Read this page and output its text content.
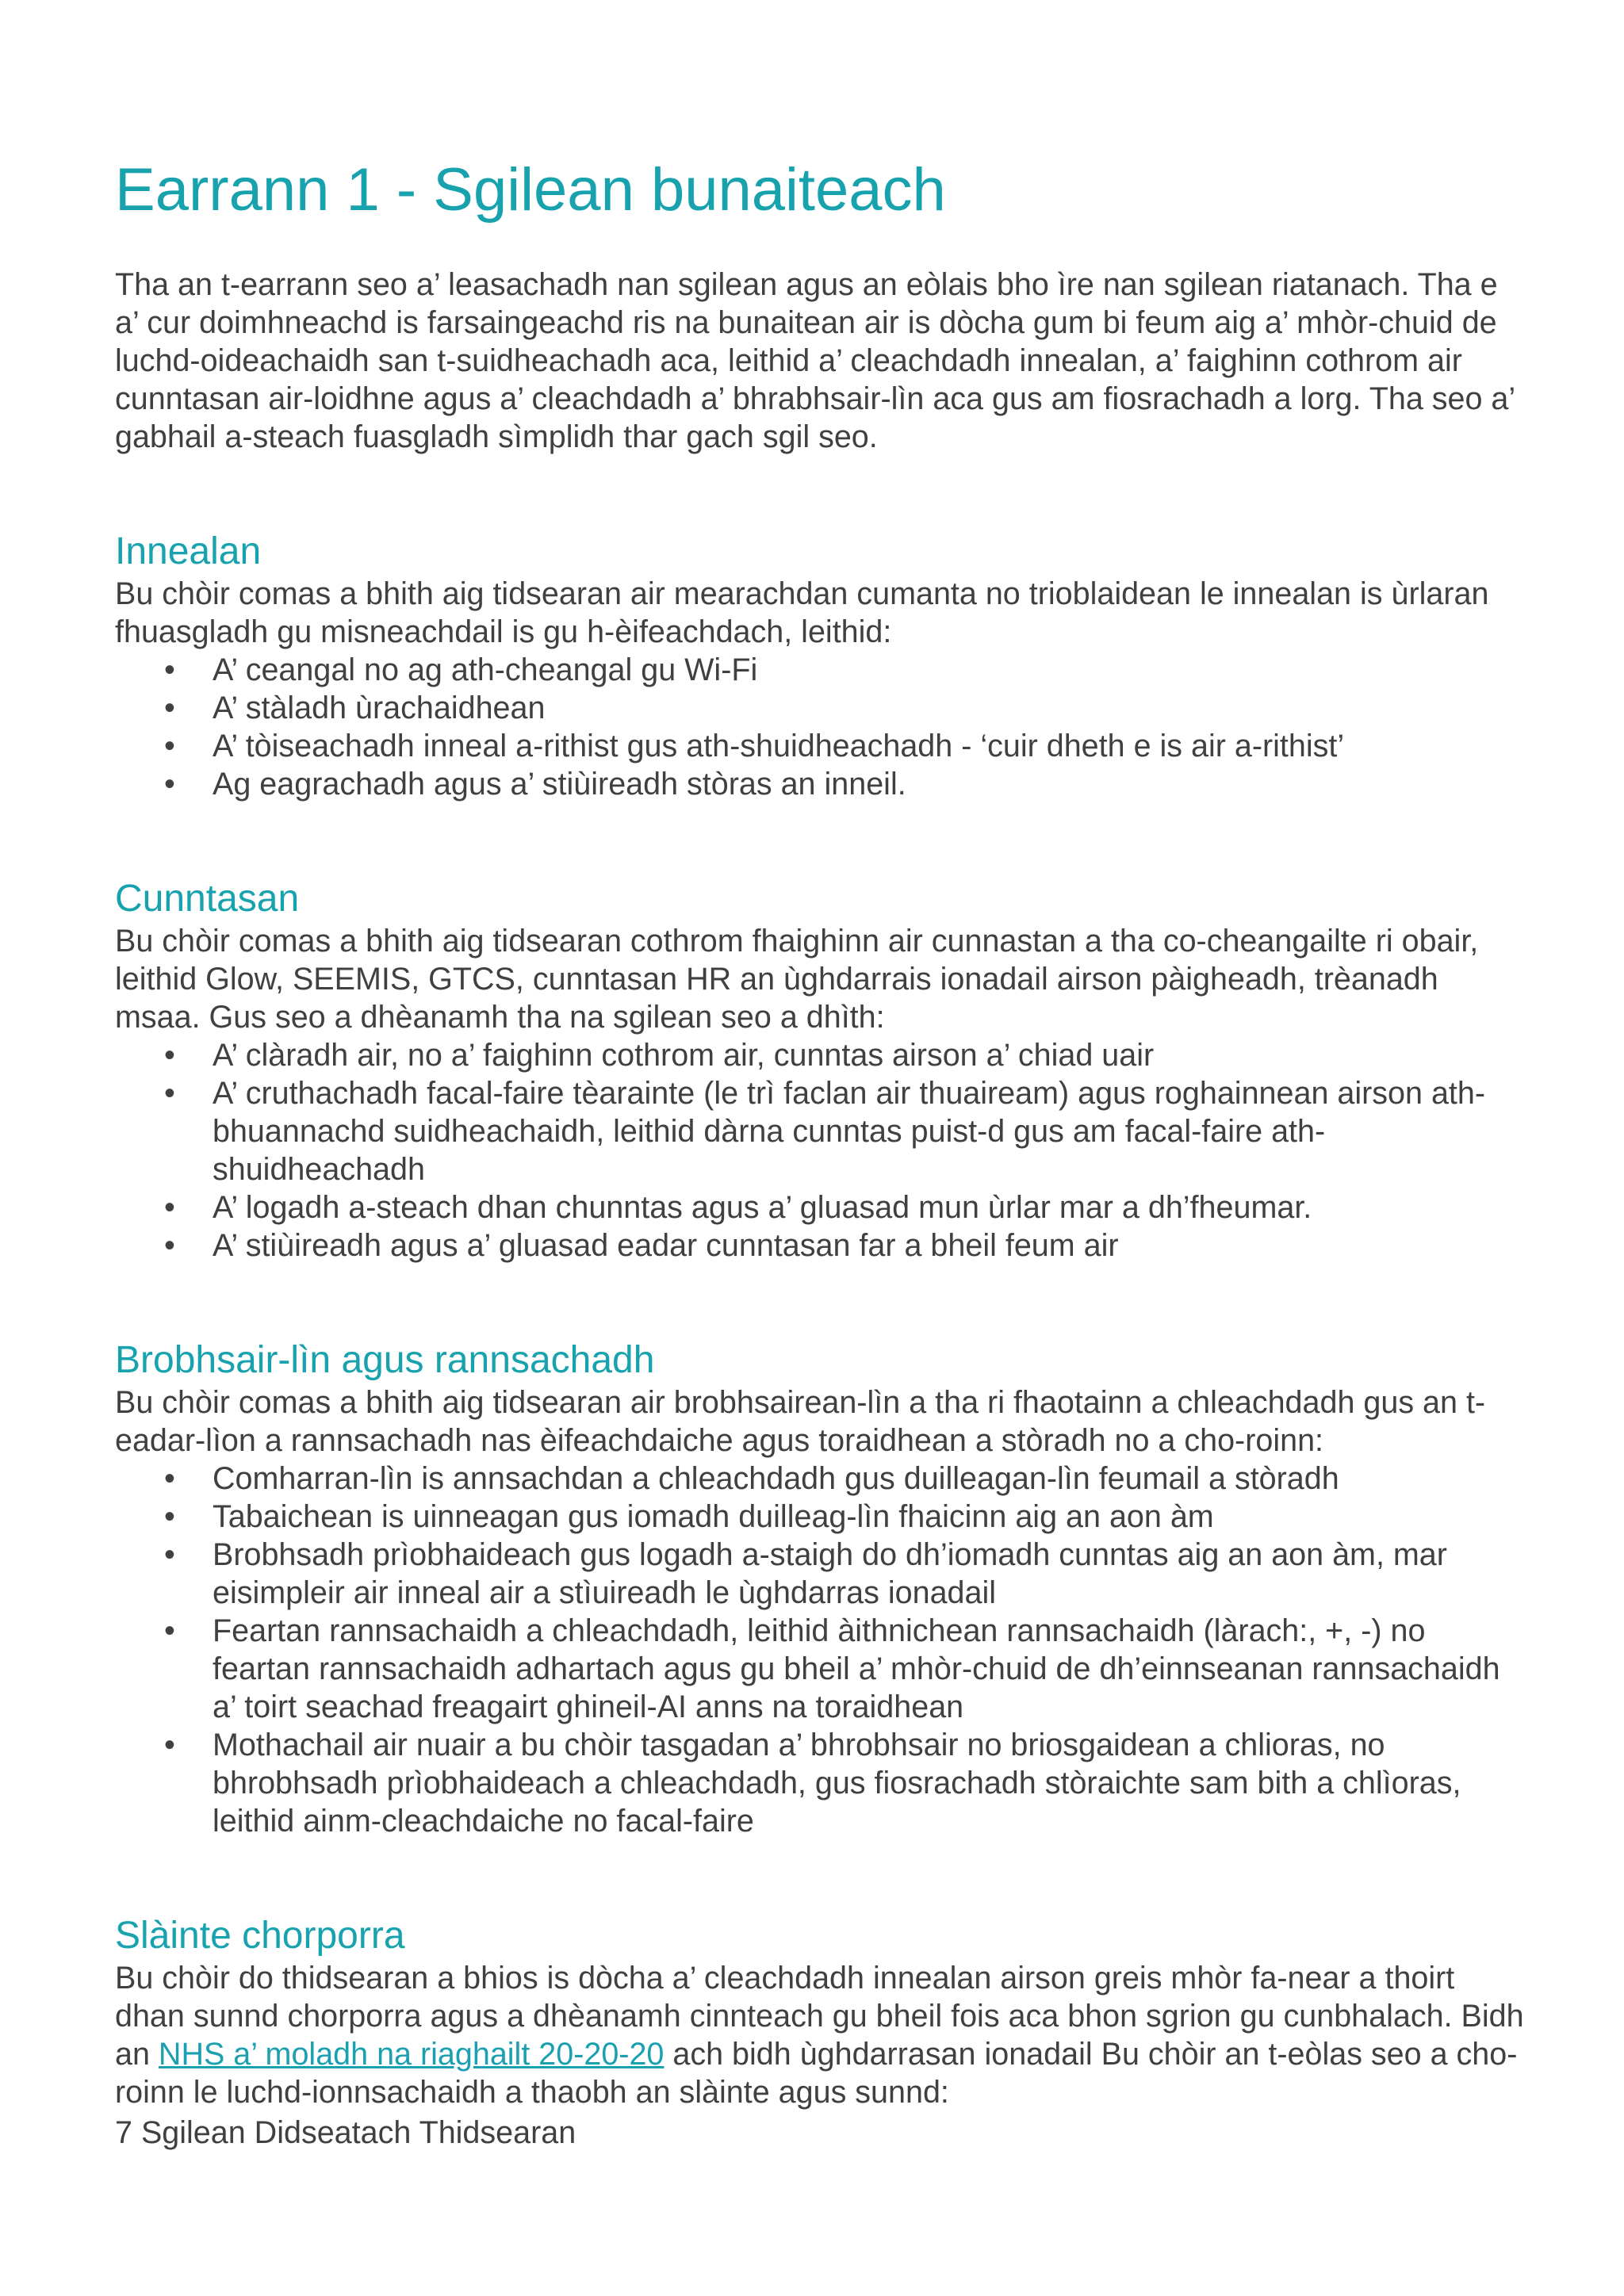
Earrann 1 - Sgilean bunaiteach

Tha an t-earrann seo a’ leasachadh nan sgilean agus an eòlais bho ìre nan sgilean riatanach. Tha e a’ cur doimhneachd is farsaingeachd ris na bunaitean air is dòcha gum bi feum aig a’ mhòr-chuid de luchd-oideachaidh san t-suidheachadh aca, leithid a’ cleachdadh innealan, a’ faighinn cothrom air cunntasan air-loidhne agus a’ cleachdadh a’ bhrabhsair-lìn aca gus am fiosrachadh a lorg. Tha seo a’ gabhail a-steach fuasgladh sìmplidh thar gach sgil seo.

Innealan

Bu chòir comas a bhith aig tidsearan air mearachdan cumanta no trioblaidean le innealan is ùrlaran fhuasgladh gu misneachdail is gu h-èifeachdach, leithid:

• A’ ceangal no ag ath-cheangal gu Wi-Fi
• A’ stàladh ùrachaidhean
• A’ tòiseachadh inneal a-rithist gus ath-shuidheachadh - ‘cuir dheth e is air a-rithist’
• Ag eagrachadh agus a’ stiùireadh stòras an inneil.
Cunntasan

Bu chòir comas a bhith aig tidsearan cothrom fhaighinn air cunnastan a tha co-cheangailte ri obair, leithid Glow, SEEMIS, GTCS, cunntasan HR an ùghdarrais ionadail airson pàigheadh, trèanadh msaa. Gus seo a dhèanamh tha na sgilean seo a dhìth:

• A’ clàradh air, no a’ faighinn cothrom air, cunntas airson a’ chiad uair
• A’ cruthachadh facal-faire tèarainte (le trì faclan air thuaiream) agus roghainnean airson ath-bhuannachd suidheachaidh, leithid dàrna cunntas puist-d gus am facal-faire ath-shuidheachadh
• A’ logadh a-steach dhan chunntas agus a’ gluasad mun ùrlar mar a dh’fheumar.
• A’ stiùireadh agus a’ gluasad eadar cunntasan far a bheil feum air
Brobhsair-lìn agus rannsachadh

Bu chòir comas a bhith aig tidsearan air brobhsairean-lìn a tha ri fhaotainn a chleachdadh gus an t-eadar-lìon a rannsachadh nas èifeachdaiche agus toraidhean a stòradh no a cho-roinn:

• Comharran-lìn is annsachdan a chleachdadh gus duilleagan-lìn feumail a stòradh
• Tabaichean is uinneagan gus iomadh duilleag-lìn fhaicinn aig an aon àm
• Brobhsadh prìobhaideach gus logadh a-staigh do dh’iomadh cunntas aig an aon àm, mar eisimpleir air inneal air a stìuireadh le ùghdarras ionadail
• Feartan rannsachaidh a chleachdadh, leithid àithnichean rannsachaidh (làrach:, +, -) no feartan rannsachaidh adhartach agus gu bheil a’ mhòr-chuid de dh’einnseanan rannsachaidh a’ toirt seachad freagairt ghineil-AI anns na toraidhean
• Mothachail air nuair a bu chòir tasgadan a’ bhrobhsair no briosgaidean a chlioras, no bhrobhsadh prìobhaideach a chleachdadh, gus fiosrachadh stòraichte sam bith a chlìoras, leithid ainm-cleachdaiche no facal-faire
Slàinte chorporra

Bu chòir do thidsearan a bhios is dòcha a’ cleachdadh innealan airson greis mhòr fa-near a thoirt dhan sunnd chorporra agus a dhèanamh cinnteach gu bheil fois aca bhon sgrion gu cunbhalach. Bidh an NHS a’ moladh na riaghailt 20-20-20 ach bidh ùghdarrasan ionadail Bu chòir an t-eòlas seo a cho-roinn le luchd-ionnsachaidh a thaobh an slàinte agus sunnd:

7 Sgilean Didseatach Thidsearan
